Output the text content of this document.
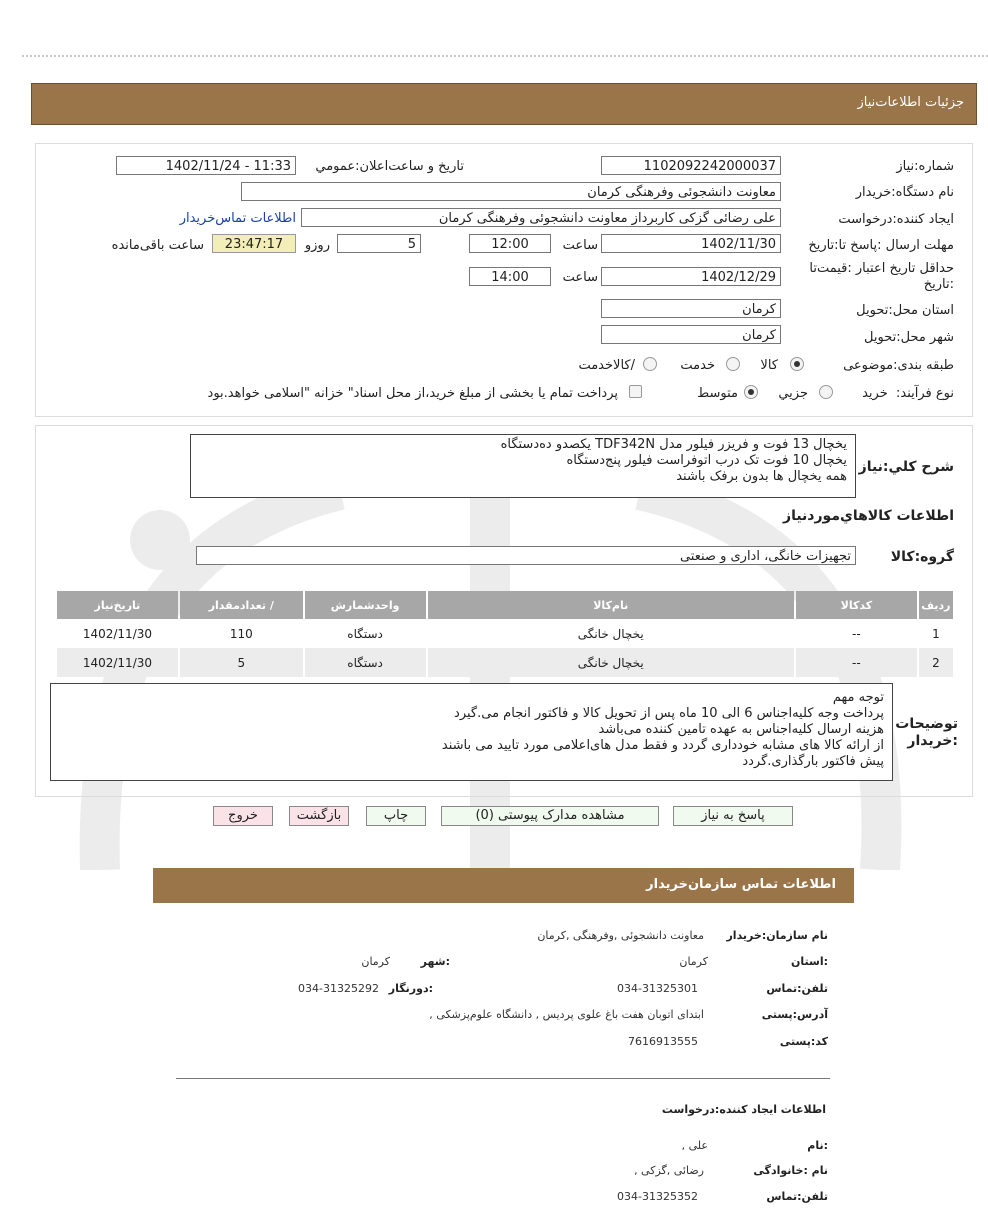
جزئیات اطلاعات‌نیاز
شماره:نیاز
1102092242000037
تاریخ و ساعت‌اعلان:عمومي
1402/11/24 - 11:33
نام دستگاه:خریدار
معاونت دانشجوئی وفرهنگی کرمان
ایجاد کننده:درخواست
علی رضائی گزکی کاربرداز معاونت دانشجوئی وفرهنگی کرمان
اطلاعات تماس‌خریدار
مهلت ارسال :پاسخ تا:تاریخ
1402/11/30
ساعت
12:00
5
روزو
23:47:17
ساعت باقی‌مانده
حداقل تاریخ اعتبار :قیمت‌تا :تاریخ
1402/12/29
ساعت
14:00
استان محل:تحویل
کرمان
شهر محل:تحویل
کرمان
طبقه بندی:موضوعی
کالا
خدمت
/کالاخدمت
نوع فرآیند:  خرید
جزيي
متوسط
پرداخت تمام یا بخشی از مبلغ خرید،از محل اسناد" خزانه "اسلامی خواهد.بود
شرح کلي:نیاز
یخچال 13 فوت و فریزر فیلور مدل TDF342N یکصدو ده‌دستگاه
یخچال 10 فوت تک درب اتوفراست فیلور پنج‌دستگاه
همه یخچال ها بدون برفک باشند
اطلاعات کالاهاي‌موردنیاز
گروه:کالا
تجهیزات خانگی، اداری و صنعتی
ردیف	کدکالا	نام‌کالا	واحدشمارش	/ تعدادمقدار	تاریخ‌نیاز
1	--	یخچال خانگی	دستگاه	110	1402/11/30
2	--	یخچال خانگی	دستگاه	5	1402/11/30
توضیحات :خریدار
توجه مهم
پرداخت وجه کلیه‌اجناس 6 الی 10 ماه پس از تحویل کالا و فاکتور انجام می.گیرد
هزینه ارسال کلیه‌اجناس به عهده تامین کننده می‌باشد
از ارائه کالا های مشابه خودداری گردد و فقط مدل های‌اعلامی مورد تایید می باشند
پیش فاکتور بارگذاری.گردد
پاسخ به نیاز
مشاهده مدارک پیوستی (0)
چاپ
بازگشت
خروج
اطلاعات تماس سازمان‌خریدار
نام سازمان:خریدار
معاونت دانشجوئی ,وفرهنگی ,کرمان
:استان
کرمان
:شهر
کرمان
تلفن:تماس
034-31325301
:دورنگار
034-31325292
آدرس:پستی
ابتدای اتوبان هفت باغ علوی پردیس , دانشگاه علوم‌پزشکی ,
کد:پستی
7616913555
اطلاعات ایجاد کننده:درخواست
:نام
علی ,
نام :خانوادگی
رضائی ,گزکی ,
تلفن:تماس
034-31325352
